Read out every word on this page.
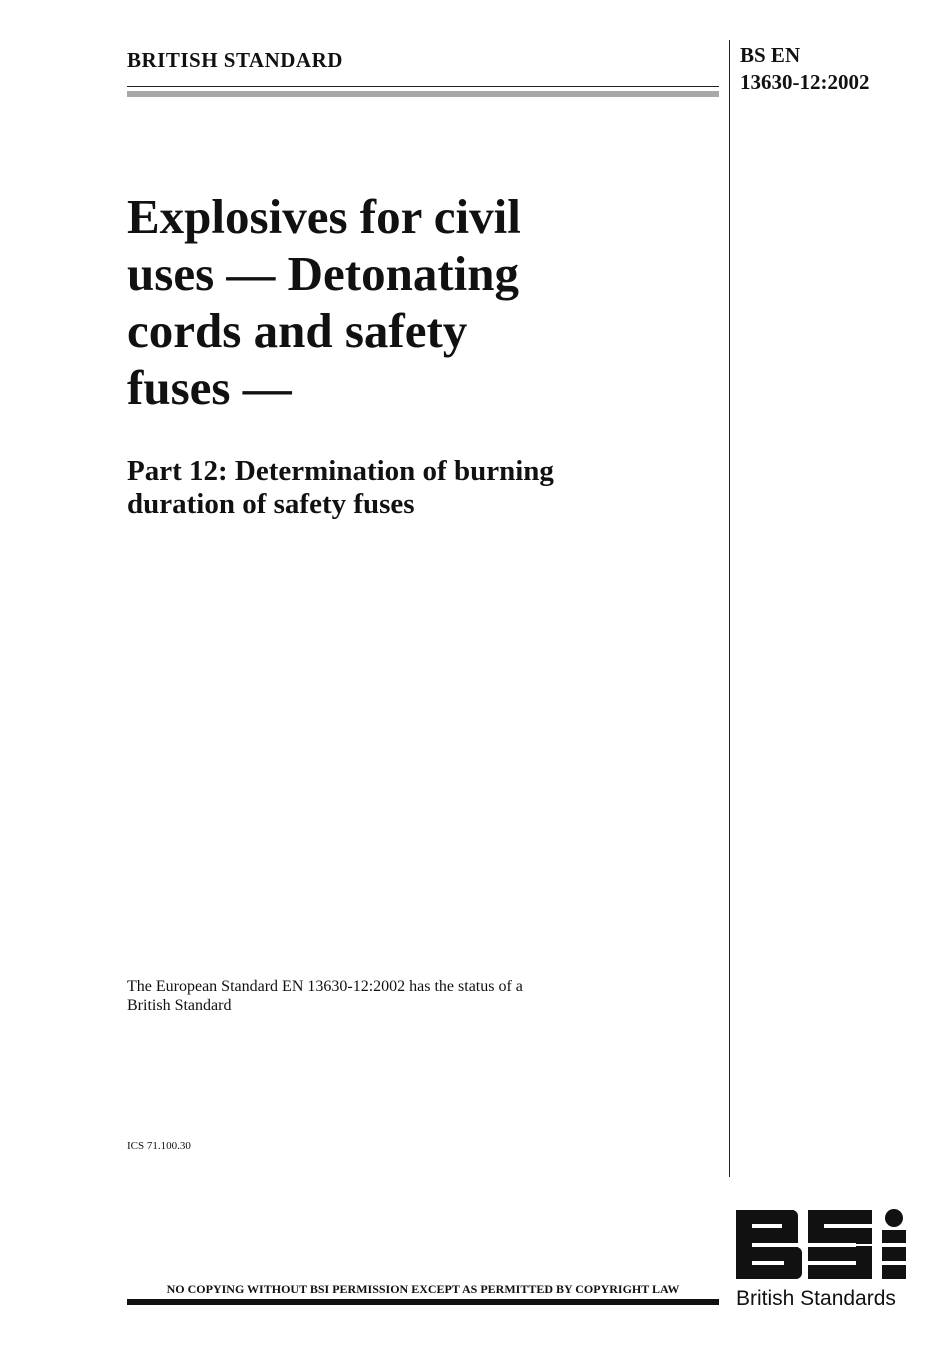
BRITISH STANDARD	BS EN
13630-12:2002
Explosives for civil
uses — Detonating
cords and safety
fuses —
Part 12: Determination of burning
duration of safety fuses
The European Standard EN 13630-12:2002 has the status of a
British Standard
ICS 71.100.30
NO COPYING WITHOUT BSI PERMISSION EXCEPT AS PERMITTED BY COPYRIGHT LAW	British Standards
